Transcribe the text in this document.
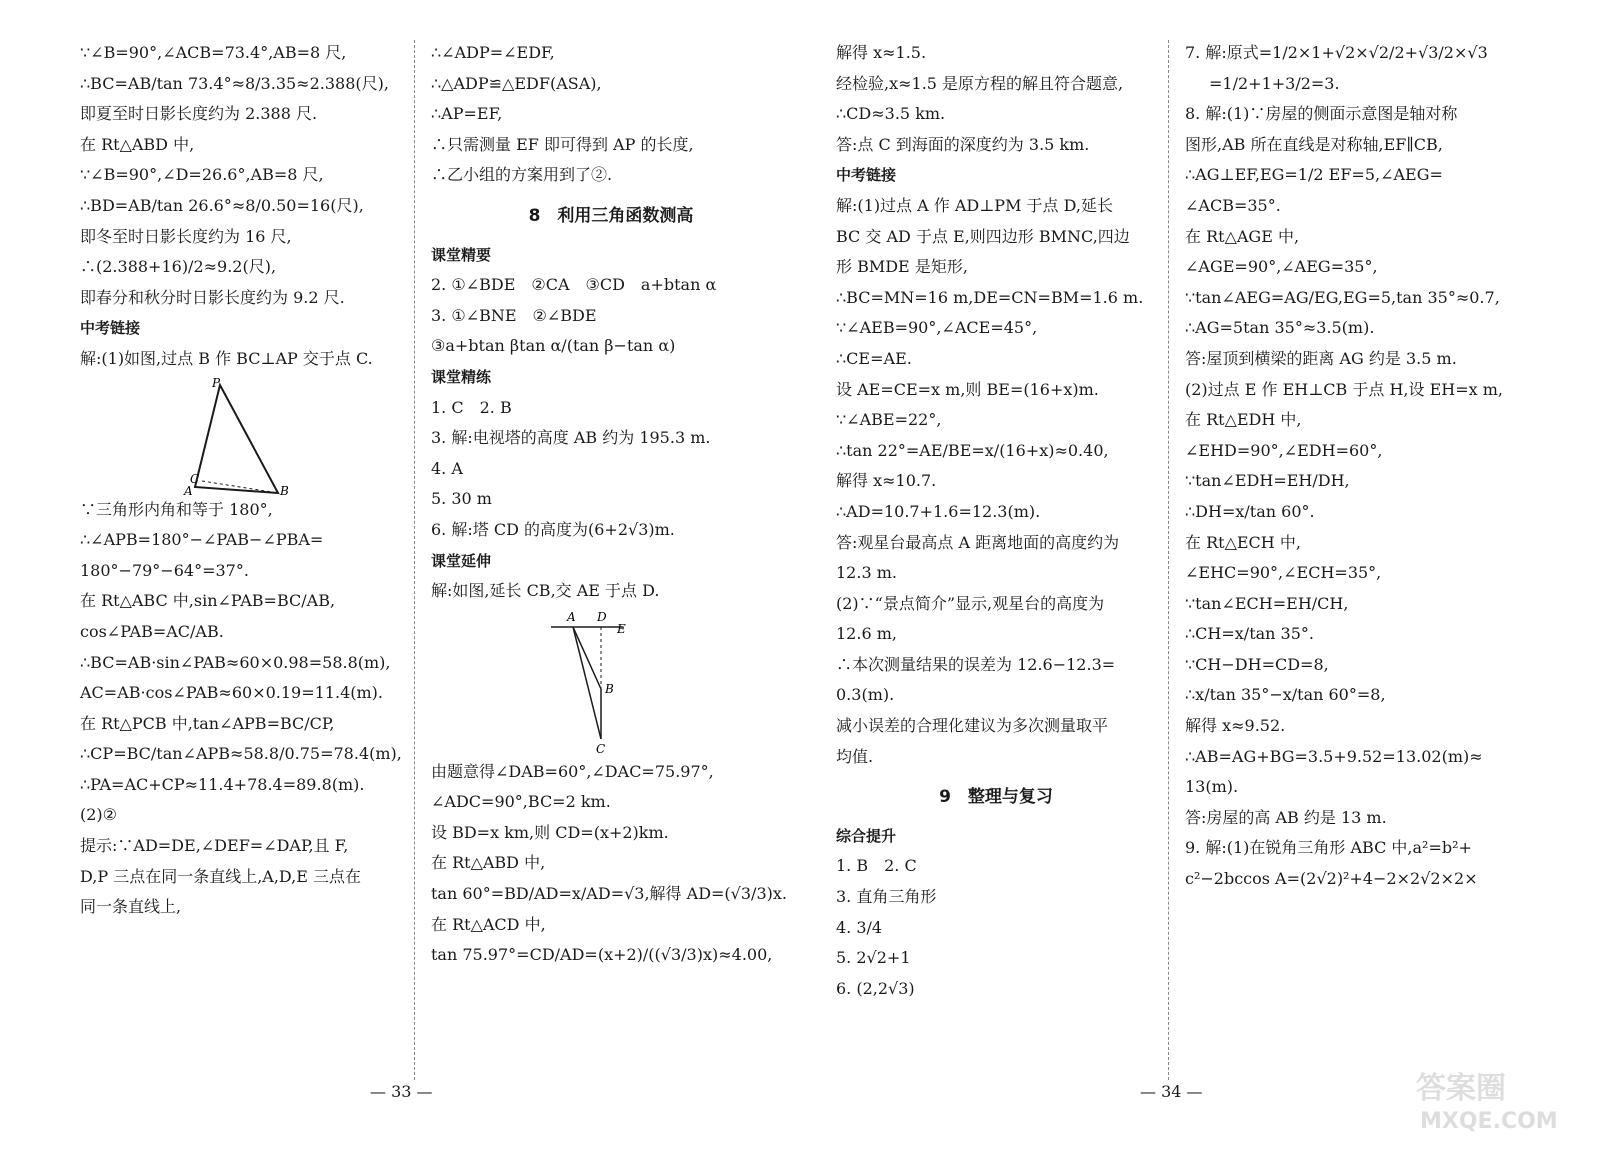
∵∠B=90°,∠ACB=73.4°,AB=8 尺,
∴BC=AB/tan 73.4°≈8/3.35≈2.388(尺),
即夏至时日影长度约为 2.388 尺.
在 Rt△ABD 中,
∵∠B=90°,∠D=26.6°,AB=8 尺,
∴BD=AB/tan 26.6°≈8/0.50=16(尺),
即冬至时日影长度约为 16 尺,
∴(2.388+16)/2≈9.2(尺),
即春分和秋分时日影长度约为 9.2 尺.
中考链接
解:(1)如图,过点 B 作 BC⊥AP 交于点 C.
P
C
A	B
∵三角形内角和等于 180°,
∴∠APB=180°−∠PAB−∠PBA=
180°−79°−64°=37°.
在 Rt△ABC 中,sin∠PAB=BC/AB,
cos∠PAB=AC/AB.
∴BC=AB·sin∠PAB≈60×0.98=58.8(m),
AC=AB·cos∠PAB≈60×0.19=11.4(m).
在 Rt△PCB 中,tan∠APB=BC/CP,
∴CP=BC/tan∠APB≈58.8/0.75=78.4(m),
∴PA=AC+CP≈11.4+78.4=89.8(m).
(2)②
提示:∵AD=DE,∠DEF=∠DAP,且 F,
D,P 三点在同一条直线上,A,D,E 三点在
同一条直线上,
∴∠ADP=∠EDF,
∴△ADP≌△EDF(ASA),
∴AP=EF,
∴只需测量 EF 即可得到 AP 的长度,
∴乙小组的方案用到了②.
8　利用三角函数测高
课堂精要
2. ①∠BDE　②CA　③CD　a+btan α
3. ①∠BNE　②∠BDE
③a+btan βtan α/(tan β−tan α)
课堂精练
1. C　2. B
3. 解:电视塔的高度 AB 约为 195.3 m.
4. A
5. 30 m
6. 解:塔 CD 的高度为(6+2√3)m.
课堂延伸
解:如图,延长 CB,交 AE 于点 D.
A D
E
B
C
由题意得∠DAB=60°,∠DAC=75.97°,
∠ADC=90°,BC=2 km.
设 BD=x km,则 CD=(x+2)km.
在 Rt△ABD 中,
tan 60°=BD/AD=x/AD=√3,解得 AD=(√3/3)x.
在 Rt△ACD 中,
tan 75.97°=CD/AD=(x+2)/((√3/3)x)≈4.00,
— 33 —
解得 x≈1.5.
经检验,x≈1.5 是原方程的解且符合题意,
∴CD≈3.5 km.
答:点 C 到海面的深度约为 3.5 km.
中考链接
解:(1)过点 A 作 AD⊥PM 于点 D,延长
BC 交 AD 于点 E,则四边形 BMNC,四边
形 BMDE 是矩形,
∴BC=MN=16 m,DE=CN=BM=1.6 m.
∵∠AEB=90°,∠ACE=45°,
∴CE=AE.
设 AE=CE=x m,则 BE=(16+x)m.
∵∠ABE=22°,
∴tan 22°=AE/BE=x/(16+x)≈0.40,
解得 x≈10.7.
∴AD=10.7+1.6=12.3(m).
答:观星台最高点 A 距离地面的高度约为
12.3 m.
(2)∵“景点简介”显示,观星台的高度为
12.6 m,
∴本次测量结果的误差为 12.6−12.3=
0.3(m).
减小误差的合理化建议为多次测量取平
均值.
9　整理与复习
综合提升
1. B　2. C
3. 直角三角形
4. 3/4
5. 2√2+1
6. (2,2√3)
7. 解:原式=1/2×1+√2×√2/2+√3/2×√3
=1/2+1+3/2=3.
8. 解:(1)∵房屋的侧面示意图是轴对称
图形,AB 所在直线是对称轴,EF∥CB,
∴AG⊥EF,EG=1/2 EF=5,∠AEG=
∠ACB=35°.
在 Rt△AGE 中,
∠AGE=90°,∠AEG=35°,
∵tan∠AEG=AG/EG,EG=5,tan 35°≈0.7,
∴AG=5tan 35°≈3.5(m).
答:屋顶到横梁的距离 AG 约是 3.5 m.
(2)过点 E 作 EH⊥CB 于点 H,设 EH=x m,
在 Rt△EDH 中,
∠EHD=90°,∠EDH=60°,
∵tan∠EDH=EH/DH,
∴DH=x/tan 60°.
在 Rt△ECH 中,
∠EHC=90°,∠ECH=35°,
∵tan∠ECH=EH/CH,
∴CH=x/tan 35°.
∵CH−DH=CD=8,
∴x/tan 35°−x/tan 60°=8,
解得 x≈9.52.
∴AB=AG+BG=3.5+9.52=13.02(m)≈
13(m).
答:房屋的高 AB 约是 13 m.
9. 解:(1)在锐角三角形 ABC 中,a²=b²+
c²−2bccos A=(2√2)²+4−2×2√2×2×
— 34 —	答案圈
MXQE.COM
